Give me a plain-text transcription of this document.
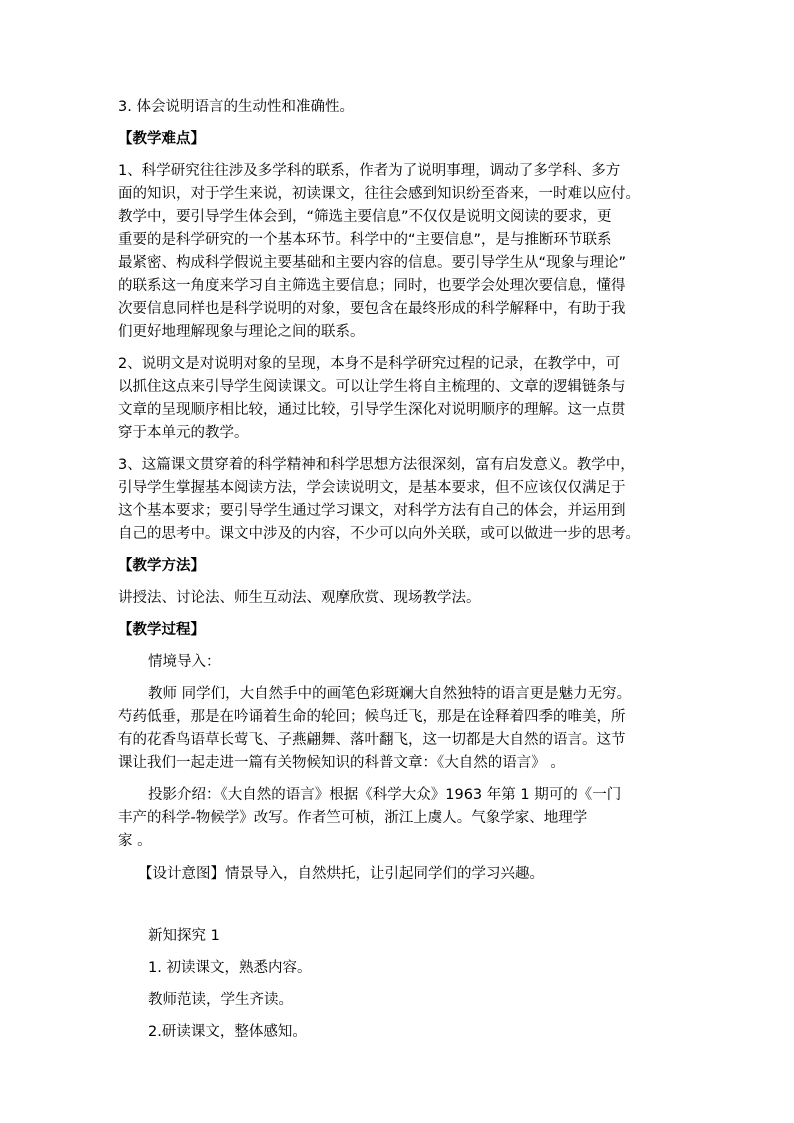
3. 体会说明语言的生动性和准确性。

【教学难点】

1、科学研究往往涉及多学科的联系，作者为了说明事理，调动了多学科、多方
面的知识，对于学生来说，初读课文，往往会感到知识纷至沓来，一时难以应付。
教学中，要引导学生体会到，“筛选主要信息”不仅仅是说明文阅读的要求，更
重要的是科学研究的一个基本环节。科学中的“主要信息”，是与推断环节联系
最紧密、构成科学假说主要基础和主要内容的信息。要引导学生从“现象与理论”
的联系这一角度来学习自主筛选主要信息；同时，也要学会处理次要信息，懂得
次要信息同样也是科学说明的对象，要包含在最终形成的科学解释中，有助于我
们更好地理解现象与理论之间的联系。

2、说明文是对说明对象的呈现，本身不是科学研究过程的记录，在教学中，可
以抓住这点来引导学生阅读课文。可以让学生将自主梳理的、文章的逻辑链条与
文章的呈现顺序相比较，通过比较，引导学生深化对说明顺序的理解。这一点贯
穿于本单元的教学。

3、这篇课文贯穿着的科学精神和科学思想方法很深刻，富有启发意义。教学中，
引导学生掌握基本阅读方法，学会读说明文，是基本要求，但不应该仅仅满足于
这个基本要求；要引导学生通过学习课文，对科学方法有自己的体会，并运用到
自己的思考中。课文中涉及的内容，不少可以向外关联，或可以做进一步的思考。

【教学方法】

讲授法、讨论法、师生互动法、观摩欣赏、现场教学法。

【教学过程】

情境导入：

教师 同学们，大自然手中的画笔色彩斑斓大自然独特的语言更是魅力无穷。
芍药低垂，那是在吟诵着生命的轮回；候鸟迁飞，那是在诠释着四季的唯美，所
有的花香鸟语草长莺飞、子燕翩舞、落叶翻飞，这一切都是大自然的语言。这节
课让我们一起走进一篇有关物候知识的科普文章：《大自然的语言》 。

投影介绍：《大自然的语言》根据《科学大众》1963 年第 1 期可的《一门
丰产的科学-物候学》改写。作者竺可桢，浙江上虞人。气象学家、地理学
家 。

【设计意图】情景导入，自然烘托，让引起同学们的学习兴趣。

新知探究 1

1. 初读课文，熟悉内容。

教师范读，学生齐读。

2.研读课文，整体感知。
